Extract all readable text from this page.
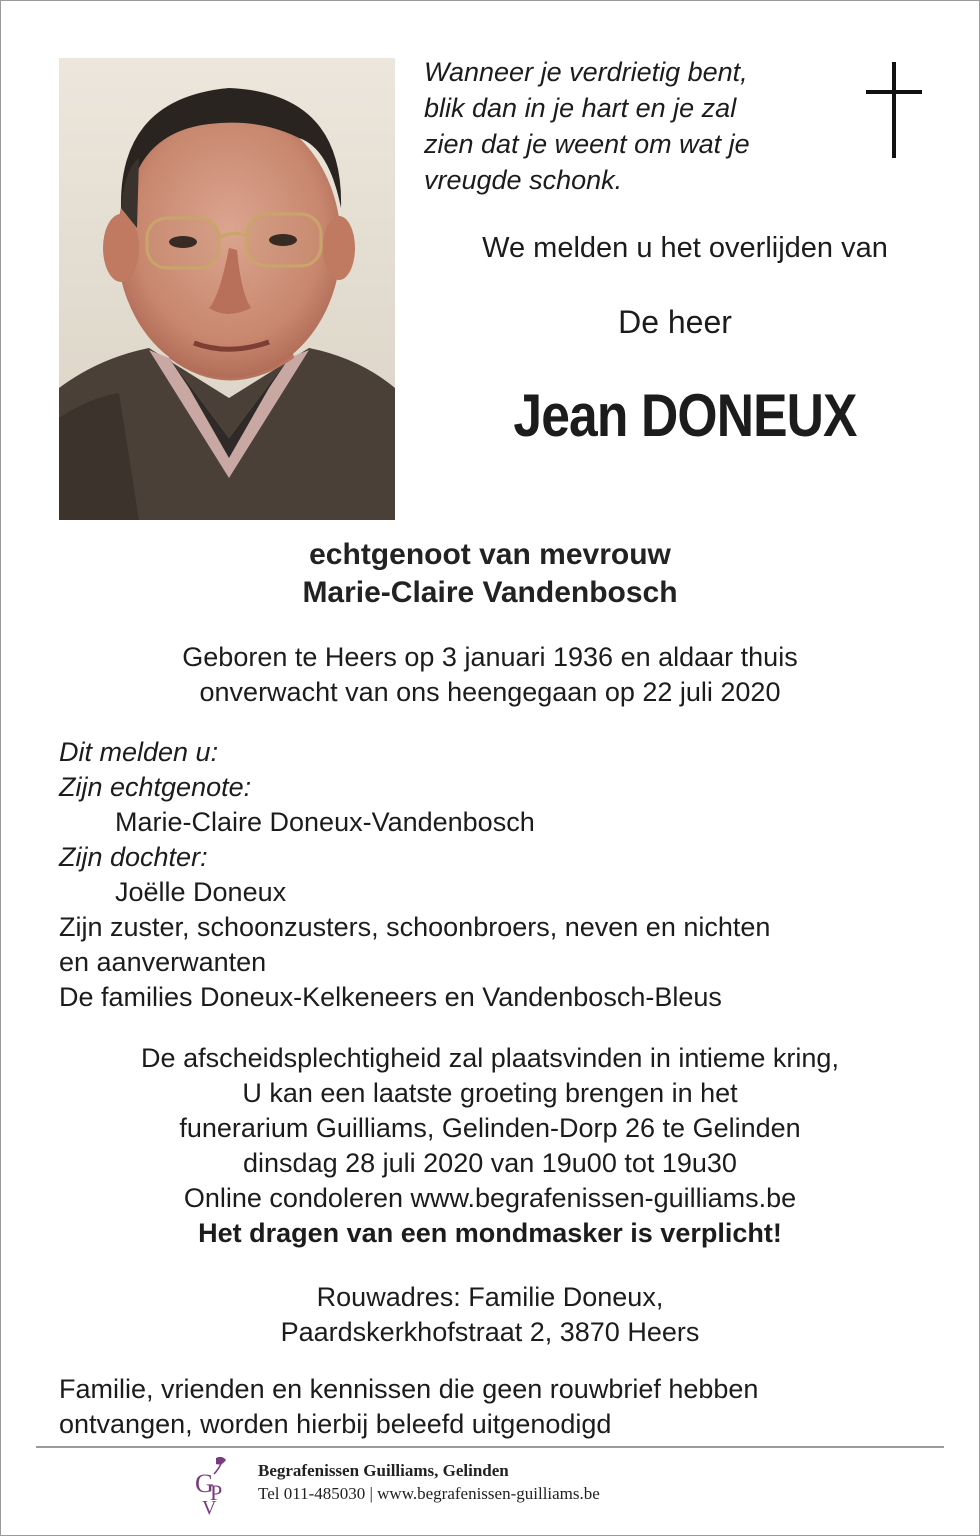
Wanneer je verdrietig bent,
blik dan in je hart en je zal
zien dat je weent om wat je
vreugde schonk.
We melden u het overlijden van
De heer
Jean DONEUX
echtgenoot van mevrouw
Marie-Claire Vandenbosch
Geboren te Heers op 3 januari 1936 en aldaar thuis
onverwacht van ons heengegaan op 22 juli 2020
Dit melden u:
Zijn echtgenote:
Marie-Claire Doneux-Vandenbosch
Zijn dochter:
Joëlle Doneux
Zijn zuster, schoonzusters, schoonbroers, neven en nichten
en aanverwanten
De families Doneux-Kelkeneers en Vandenbosch-Bleus
De afscheidsplechtigheid zal plaatsvinden in intieme kring,
U kan een laatste groeting brengen in het
funerarium Guilliams, Gelinden-Dorp 26 te Gelinden
dinsdag 28 juli 2020 van 19u00 tot 19u30
Online condoleren www.begrafenissen-guilliams.be
Het dragen van een mondmasker is verplicht!
Rouwadres: Familie Doneux,
Paardskerkhofstraat 2, 3870 Heers
Familie, vrienden en kennissen die geen rouwbrief hebben
ontvangen, worden hierbij beleefd uitgenodigd
G
P
V
Begrafenissen Guilliams, Gelinden
Tel 011-485030 | www.begrafenissen-guilliams.be
